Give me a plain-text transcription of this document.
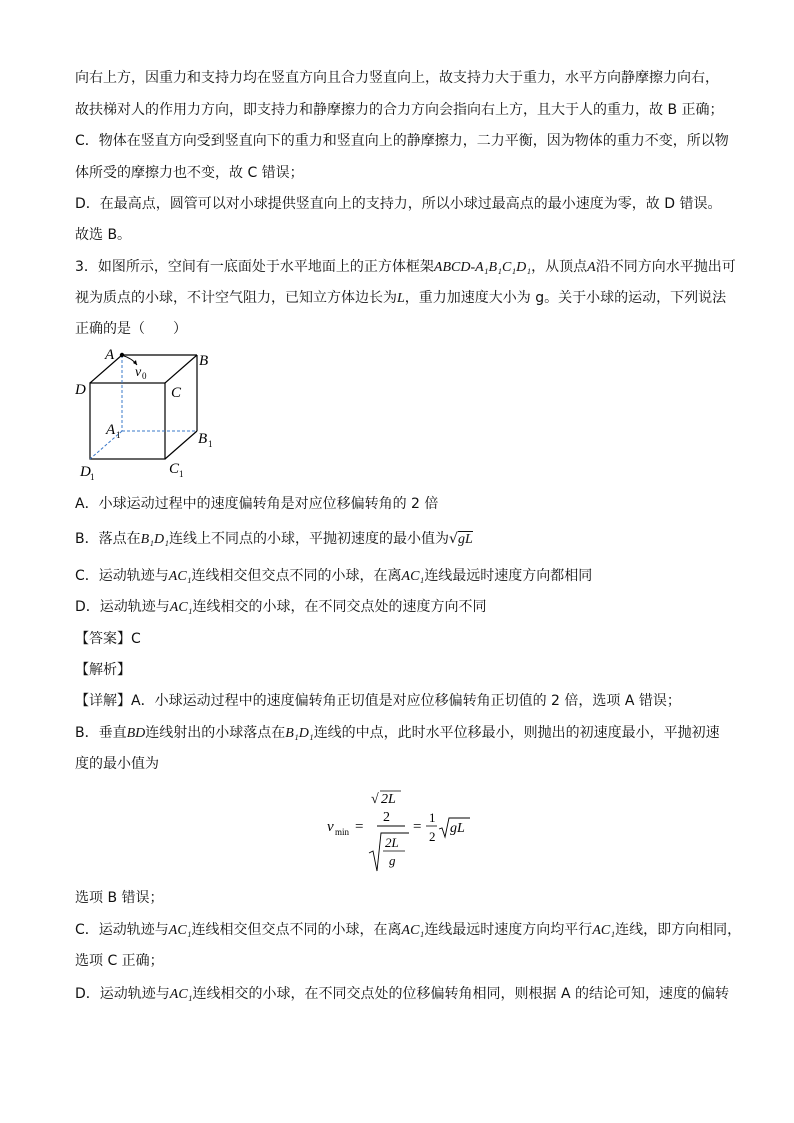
向右上方，因重力和支持力均在竖直方向且合力竖直向上，故支持力大于重力，水平方向静摩擦力向右，
故扶梯对人的作用力方向，即支持力和静摩擦力的合力方向会指向右上方，且大于人的重力，故 B 正确；
C．物体在竖直方向受到竖直向下的重力和竖直向上的静摩擦力，二力平衡，因为物体的重力不变，所以物
体所受的摩擦力也不变，故 C 错误；
D．在最高点，圆管可以对小球提供竖直向上的支持力，所以小球过最高点的最小速度为零，故 D 错误。
故选 B。
3．如图所示，空间有一底面处于水平地面上的正方体框架ABCD-A₁B₁C₁D₁，从顶点A沿不同方向水平抛出可
视为质点的小球，不计空气阻力，已知立方体边长为L，重力加速度大小为 g。关于小球的运动，下列说法
正确的是（　　）
A	B
C
D
v 0
A 1	B 1
C 1
D 1
A．小球运动过程中的速度偏转角是对应位移偏转角的 2 倍
B．落点在B₁D₁连线上不同点的小球，平抛初速度的最小值为√gL
C．运动轨迹与AC₁连线相交但交点不同的小球，在离AC₁连线最远时速度方向都相同
D．运动轨迹与AC₁连线相交的小球，在不同交点处的速度方向不同
【答案】C
【解析】
【详解】A．小球运动过程中的速度偏转角正切值是对应位移偏转角正切值的 2 倍，选项 A 错误；
B．垂直BD连线射出的小球落点在B₁D₁连线的中点，此时水平位移最小，则抛出的初速度最小，平抛初速
度的最小值为
v min =
√ 2L
2
2L
g
=
1
2
gL
选项 B 错误；
C．运动轨迹与AC₁连线相交但交点不同的小球，在离AC₁连线最远时速度方向均平行AC₁连线，即方向相同，
选项 C 正确；
D．运动轨迹与AC₁连线相交的小球，在不同交点处的位移偏转角相同，则根据 A 的结论可知，速度的偏转
